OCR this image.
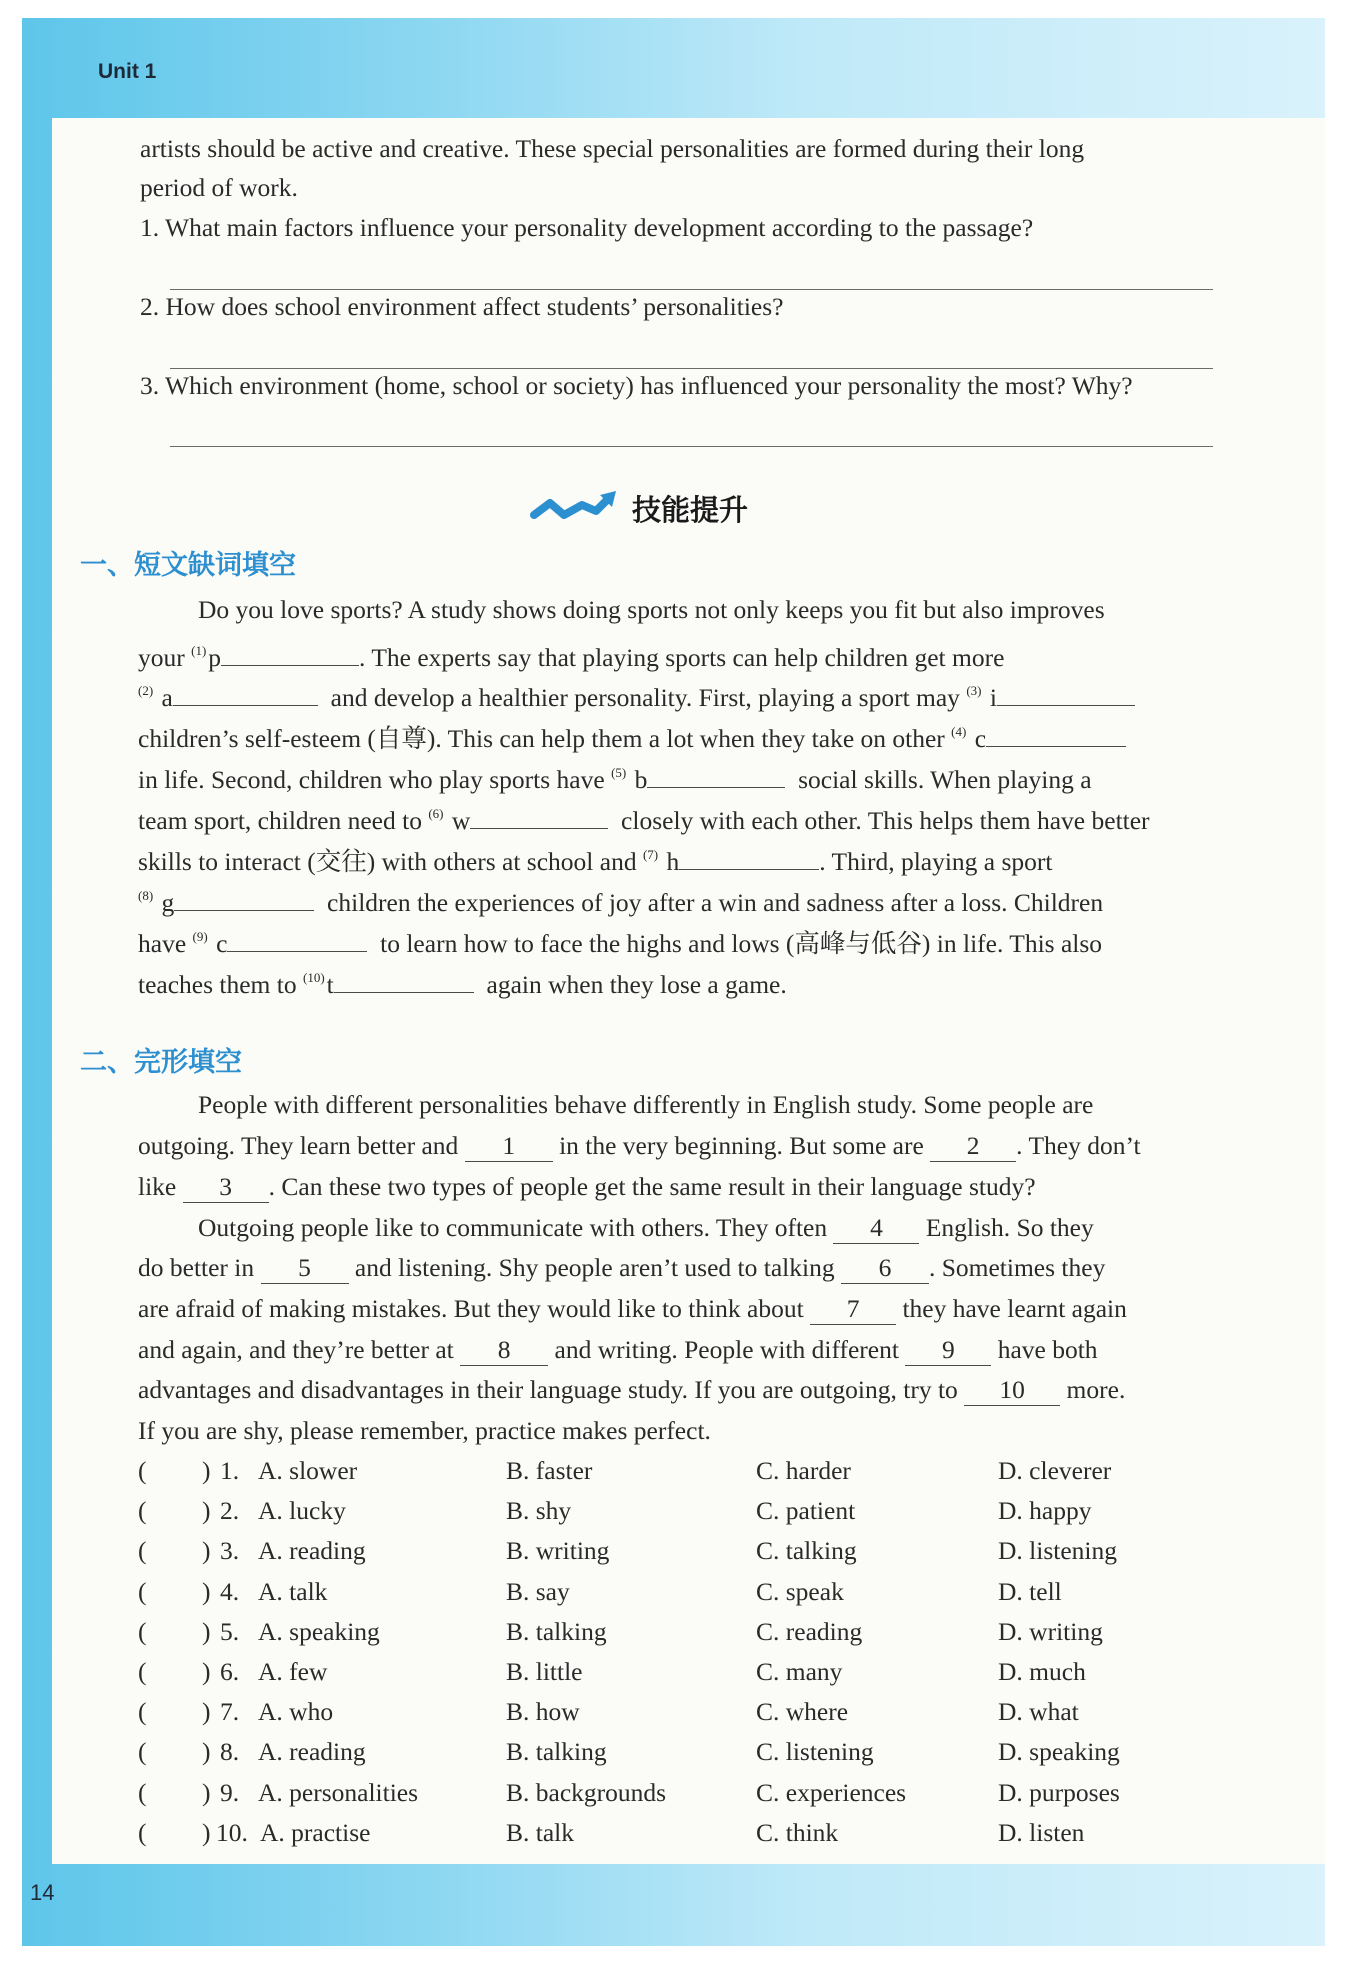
Unit 1
artists should be active and creative. These special personalities are formed during their long
period of work.
1. What main factors influence your personality development according to the passage?
2. How does school environment affect students’ personalities?
3. Which environment (home, school or society) has influenced your personality the most? Why?
技能提升
一、短文缺词填空
Do you love sports? A study shows doing sports not only keeps you fit but also improves
your $^{(1)}$p	. The experts say that playing sports can help children get more
$^{(2)}$ a	and develop a healthier personality. First, playing a sport may $^{(3)}$ i
children’s self-esteem (自尊). This can help them a lot when they take on other $^{(4)}$ c
in life. Second, children who play sports have $^{(5)}$ b	social skills. When playing a
team sport, children need to $^{(6)}$ w	closely with each other. This helps them have better
skills to interact (交往) with others at school and $^{(7)}$ h	. Third, playing a sport
$^{(8)}$ g	children the experiences of joy after a win and sadness after a loss. Children
have $^{(9)}$ c	to learn how to face the highs and lows (高峰与低谷) in life. This also
teaches them to $^{(10)}$t	again when they lose a game.
二、完形填空
People with different personalities behave differently in English study. Some people are
outgoing. They learn better and 1 in the very beginning. But some are 2 . They don’t
like 3 . Can these two types of people get the same result in their language study?
Outgoing people like to communicate with others. They often 4 English. So they
do better in 5 and listening. Shy people aren’t used to talking 6 . Sometimes they
are afraid of making mistakes. But they would like to think about 7 they have learnt again
and again, and they’re better at 8 and writing. People with different 9 have both
advantages and disadvantages in their language study. If you are outgoing, try to 10 more.
If you are shy, please remember, practice makes perfect.
( ) 1. A. slower	B. faster	C. harder	D. cleverer
( ) 2. A. lucky	B. shy	C. patient	D. happy
( ) 3. A. reading	B. writing	C. talking	D. listening
( ) 4. A. talk	B. say	C. speak	D. tell
( ) 5. A. speaking	B. talking	C. reading	D. writing
( ) 6. A. few	B. little	C. many	D. much
( ) 7. A. who	B. how	C. where	D. what
( ) 8. A. reading	B. talking	C. listening	D. speaking
( ) 9. A. personalities	B. backgrounds	C. experiences	D. purposes
( ) 10. A. practise	B. talk	C. think	D. listen
14
